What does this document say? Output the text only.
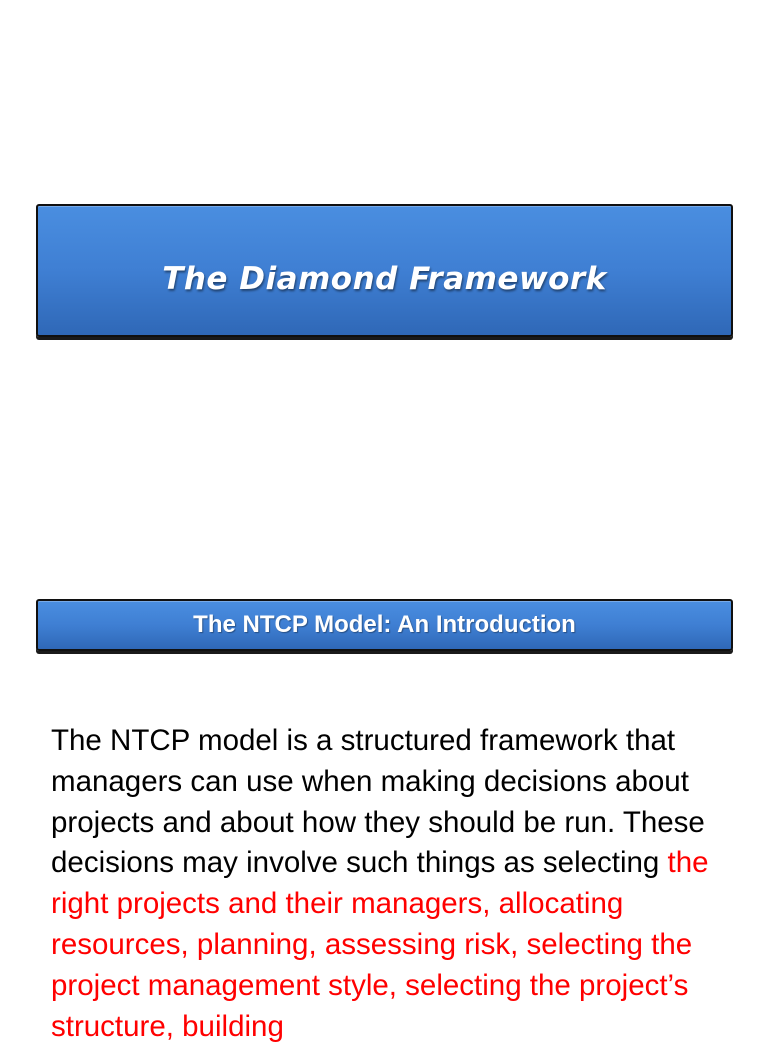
The Diamond Framework
The NTCP Model: An Introduction

The NTCP model is a structured framework that managers can use when making decisions about projects and about how they should be run. These decisions may involve such things as selecting the right projects and their managers, allocating resources, planning, assessing risk, selecting the project management style, selecting the project’s structure, building
